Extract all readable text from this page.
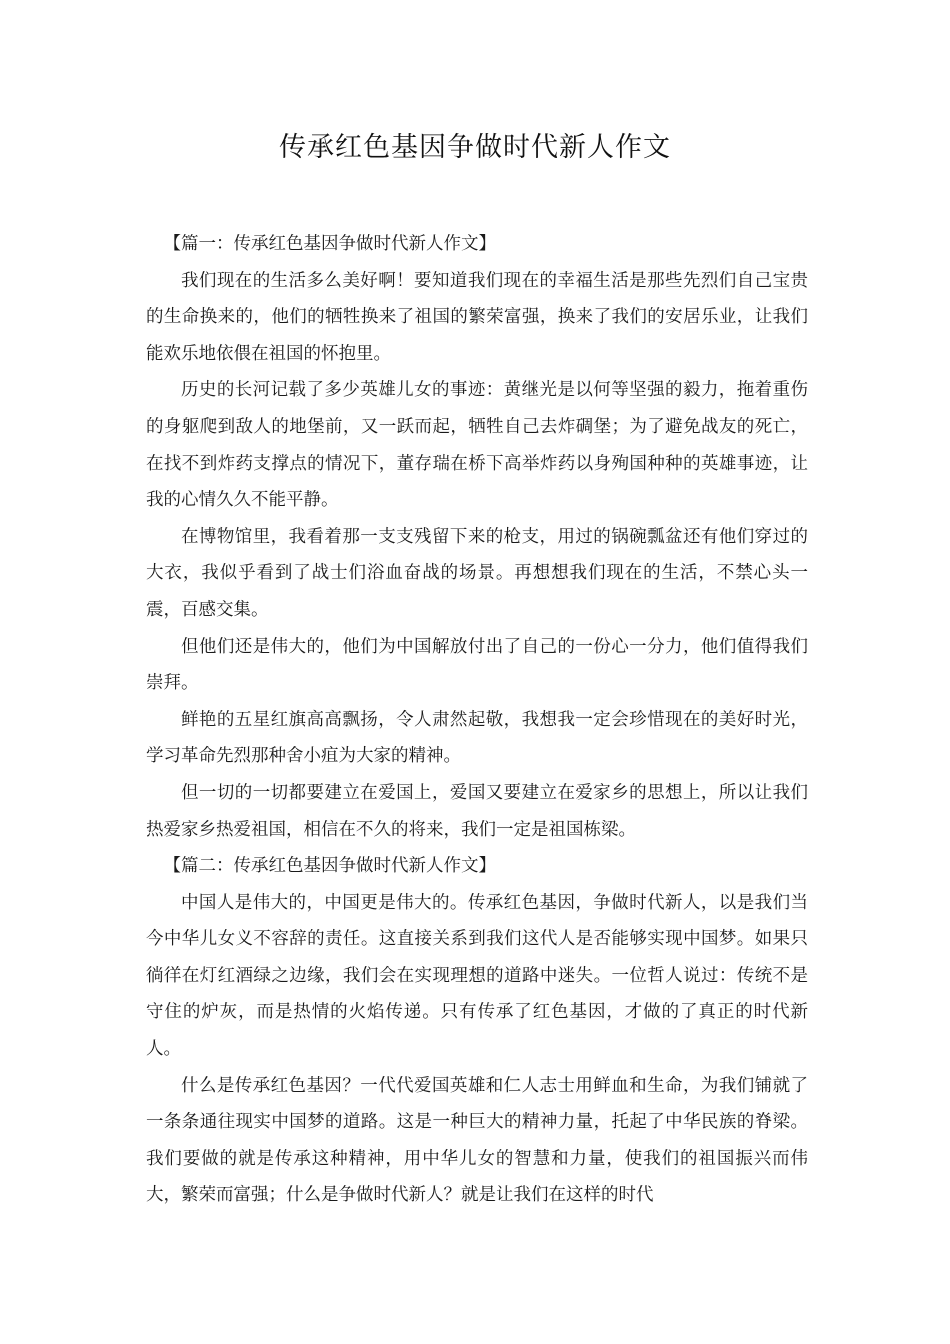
传承红色基因争做时代新人作文

【篇一：传承红色基因争做时代新人作文】

我们现在的生活多么美好啊！要知道我们现在的幸福生活是那些先烈们自己宝贵的生命换来的，他们的牺牲换来了祖国的繁荣富强，换来了我们的安居乐业，让我们能欢乐地依偎在祖国的怀抱里。

历史的长河记载了多少英雄儿女的事迹：黄继光是以何等坚强的毅力，拖着重伤的身躯爬到敌人的地堡前，又一跃而起，牺牲自己去炸碉堡；为了避免战友的死亡，在找不到炸药支撑点的情况下，董存瑞在桥下高举炸药以身殉国种种的英雄事迹，让我的心情久久不能平静。

在博物馆里，我看着那一支支残留下来的枪支，用过的锅碗瓢盆还有他们穿过的大衣，我似乎看到了战士们浴血奋战的场景。再想想我们现在的生活，不禁心头一震，百感交集。

但他们还是伟大的，他们为中国解放付出了自己的一份心一分力，他们值得我们崇拜。

鲜艳的五星红旗高高飘扬，令人肃然起敬，我想我一定会珍惜现在的美好时光，学习革命先烈那种舍小疽为大家的精神。

但一切的一切都要建立在爱国上，爱国又要建立在爱家乡的思想上，所以让我们热爱家乡热爱祖国，相信在不久的将来，我们一定是祖国栋梁。

【篇二：传承红色基因争做时代新人作文】

中国人是伟大的，中国更是伟大的。传承红色基因，争做时代新人，以是我们当今中华儿女义不容辞的责任。这直接关系到我们这代人是否能够实现中国梦。如果只徜徉在灯红酒绿之边缘，我们会在实现理想的道路中迷失。一位哲人说过：传统不是守住的炉灰，而是热情的火焰传递。只有传承了红色基因，才做的了真正的时代新人。

什么是传承红色基因？一代代爱国英雄和仁人志士用鲜血和生命，为我们铺就了一条条通往现实中国梦的道路。这是一种巨大的精神力量，托起了中华民族的脊梁。我们要做的就是传承这种精神，用中华儿女的智慧和力量，使我们的祖国振兴而伟大，繁荣而富强；什么是争做时代新人？就是让我们在这样的时代
